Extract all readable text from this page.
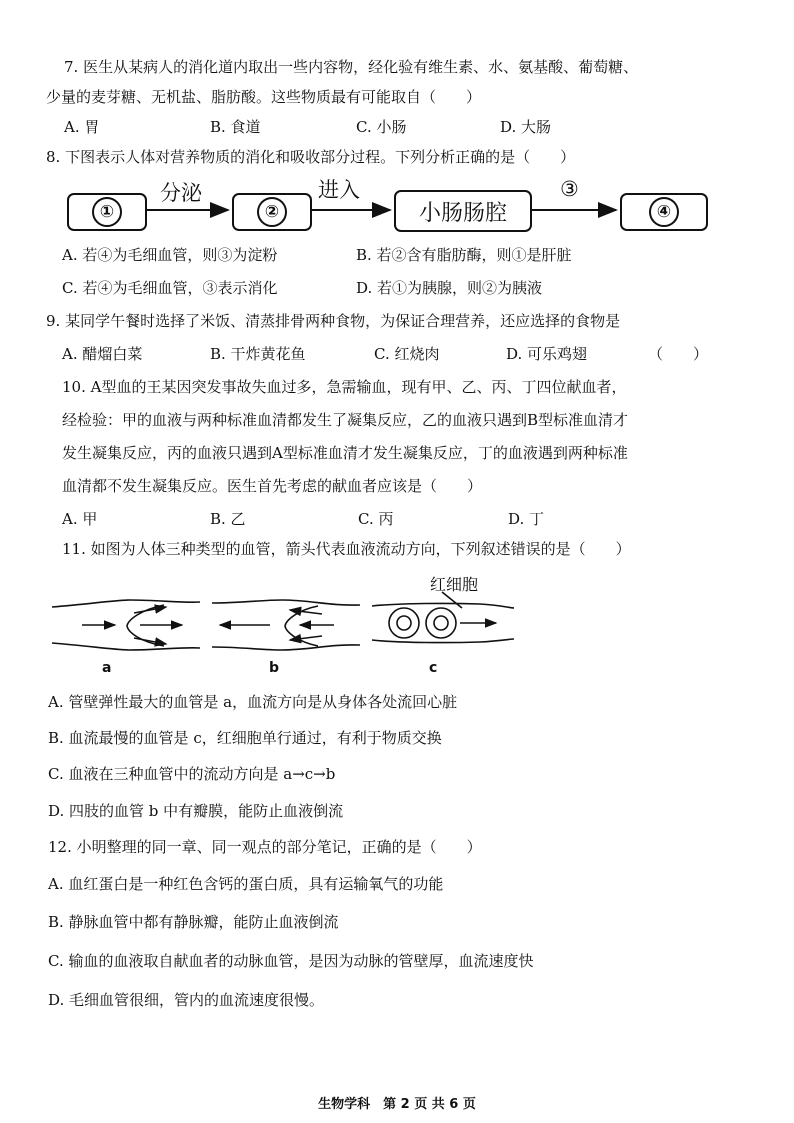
7. 医生从某病人的消化道内取出一些内容物，经化验有维生素、水、氨基酸、葡萄糖、
少量的麦芽糖、无机盐、脂肪酸。这些物质最有可能取自（　　）
A. 胃	B. 食道	C. 小肠	D. 大肠
8. 下图表示人体对营养物质的消化和吸收部分过程。下列分析正确的是（　　）
①	②	小肠肠腔	④
分泌	进入	③
A. 若④为毛细血管，则③为淀粉	B. 若②含有脂肪酶，则①是肝脏
C. 若④为毛细血管，③表示消化	D. 若①为胰腺，则②为胰液
9. 某同学午餐时选择了米饭、清蒸排骨两种食物，为保证合理营养，还应选择的食物是
A. 醋熘白菜	B. 干炸黄花鱼	C. 红烧肉	D. 可乐鸡翅	（　　）
10. A型血的王某因突发事故失血过多，急需输血，现有甲、乙、丙、丁四位献血者，
经检验：甲的血液与两种标准血清都发生了凝集反应，乙的血液只遇到B型标准血清才
发生凝集反应，丙的血液只遇到A型标准血清才发生凝集反应，丁的血液遇到两种标准
血清都不发生凝集反应。医生首先考虑的献血者应该是（　　）
A. 甲	B. 乙	C. 丙	D. 丁
11. 如图为人体三种类型的血管，箭头代表血液流动方向，下列叙述错误的是（　　）
红细胞
a	b	c
A. 管壁弹性最大的血管是 a，血流方向是从身体各处流回心脏
B. 血流最慢的血管是 c，红细胞单行通过，有利于物质交换
C. 血液在三种血管中的流动方向是 a→c→b
D. 四肢的血管 b 中有瓣膜，能防止血液倒流
12. 小明整理的同一章、同一观点的部分笔记，正确的是（　　）
A. 血红蛋白是一种红色含钙的蛋白质，具有运输氧气的功能
B. 静脉血管中都有静脉瓣，能防止血液倒流
C. 输血的血液取自献血者的动脉血管，是因为动脉的管壁厚，血流速度快
D. 毛细血管很细，管内的血流速度很慢。
生物学科　第 2 页 共 6 页
